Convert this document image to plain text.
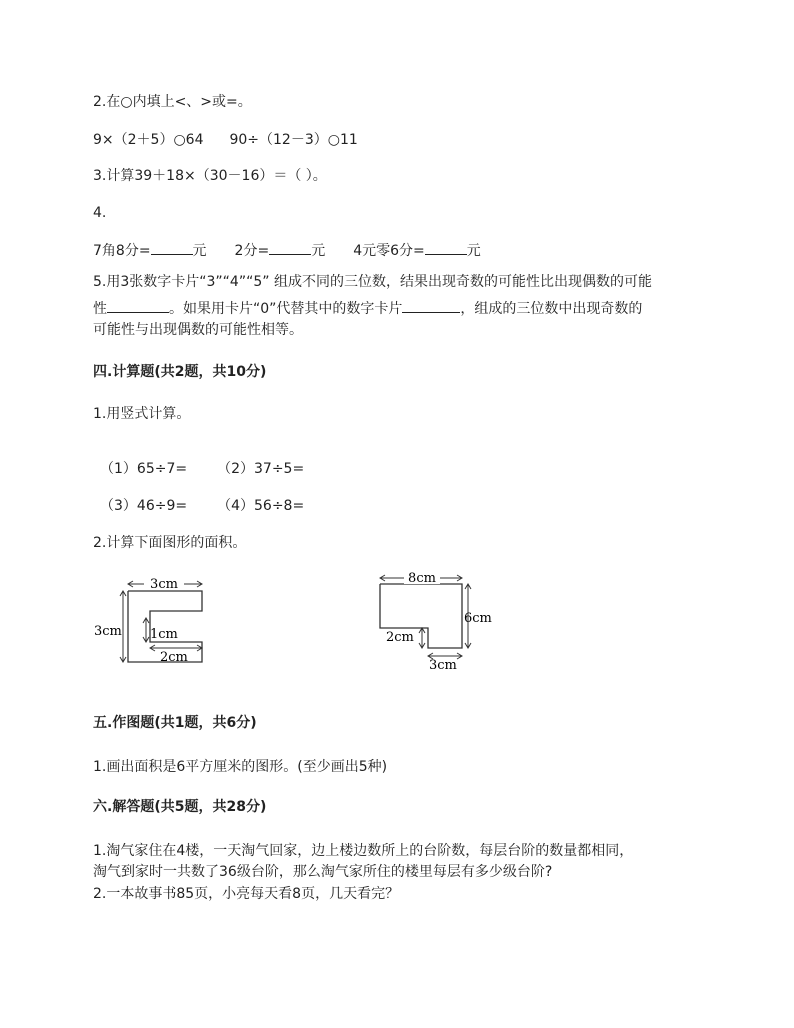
2.在○内填上<、>或=。
9×（2＋5）○64 90÷（12－3）○11
3.计算39＋18×（30－16）＝（ ）。
4.
7角8分=	元 2分=	元 4元零6分=	元
5.用3张数字卡片“3”“4”“5” 组成不同的三位数，结果出现奇数的可能性比出现偶数的可能
性	。如果用卡片“0”代替其中的数字卡片	，组成的三位数中出现奇数的
可能性与出现偶数的可能性相等。
四.计算题(共2题，共10分)
1.用竖式计算。
（1）65÷7= （2）37÷5=
（3）46÷9= （4）56÷8=
2.计算下面图形的面积。
3cm
3cm 1cm
2cm
8cm
6cm
2cm
3cm
五.作图题(共1题，共6分)
1.画出面积是6平方厘米的图形。(至少画出5种)
六.解答题(共5题，共28分)
1.淘气家住在4楼，一天淘气回家，边上楼边数所上的台阶数，每层台阶的数量都相同，
淘气到家时一共数了36级台阶，那么淘气家所住的楼里每层有多少级台阶?
2.一本故事书85页，小亮每天看8页，几天看完？
